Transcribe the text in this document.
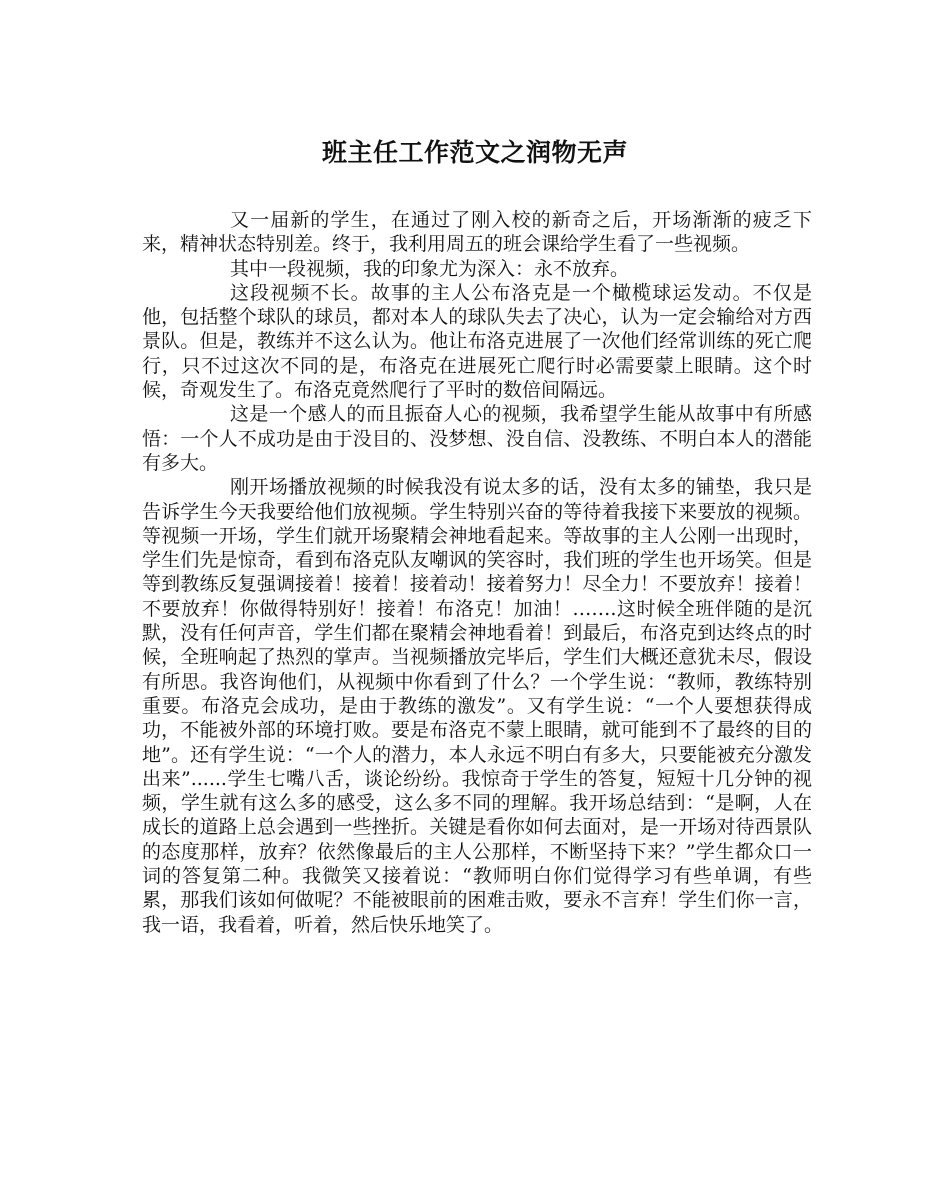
班主任工作范文之润物无声

又一届新的学生，在通过了刚入校的新奇之后，开场渐渐的疲乏下来，精神状态特别差。终于，我利用周五的班会课给学生看了一些视频。

其中一段视频，我的印象尤为深入：永不放弃。

这段视频不长。故事的主人公布洛克是一个橄榄球运发动。不仅是他，包括整个球队的球员，都对本人的球队失去了决心，认为一定会输给对方西景队。但是，教练并不这么认为。他让布洛克进展了一次他们经常训练的死亡爬行，只不过这次不同的是，布洛克在进展死亡爬行时必需要蒙上眼睛。这个时候，奇观发生了。布洛克竟然爬行了平时的数倍间隔远。

这是一个感人的而且振奋人心的视频，我希望学生能从故事中有所感悟：一个人不成功是由于没目的、没梦想、没自信、没教练、不明白本人的潜能有多大。

刚开场播放视频的时候我没有说太多的话，没有太多的铺垫，我只是告诉学生今天我要给他们放视频。学生特别兴奋的等待着我接下来要放的视频。等视频一开场，学生们就开场聚精会神地看起来。等故事的主人公刚一出现时，学生们先是惊奇，看到布洛克队友嘲讽的笑容时，我们班的学生也开场笑。但是等到教练反复强调接着！接着！接着动！接着努力！尽全力！不要放弃！接着！不要放弃！你做得特别好！接着！布洛克！加油！…….这时候全班伴随的是沉默，没有任何声音，学生们都在聚精会神地看着！到最后，布洛克到达终点的时候，全班响起了热烈的掌声。当视频播放完毕后，学生们大概还意犹未尽，假设有所思。我咨询他们，从视频中你看到了什么？一个学生说：“教师，教练特别重要。布洛克会成功，是由于教练的激发”。又有学生说：“一个人要想获得成功，不能被外部的环境打败。要是布洛克不蒙上眼睛，就可能到不了最终的目的地”。还有学生说：“一个人的潜力，本人永远不明白有多大，只要能被充分激发出来”......学生七嘴八舌，谈论纷纷。我惊奇于学生的答复，短短十几分钟的视频，学生就有这么多的感受，这么多不同的理解。我开场总结到：“是啊，人在成长的道路上总会遇到一些挫折。关键是看你如何去面对，是一开场对待西景队的态度那样，放弃？依然像最后的主人公那样，不断坚持下来？”学生都众口一词的答复第二种。我微笑又接着说：“教师明白你们觉得学习有些单调，有些累，那我们该如何做呢？不能被眼前的困难击败，要永不言弃！学生们你一言，我一语，我看着，听着，然后快乐地笑了。
